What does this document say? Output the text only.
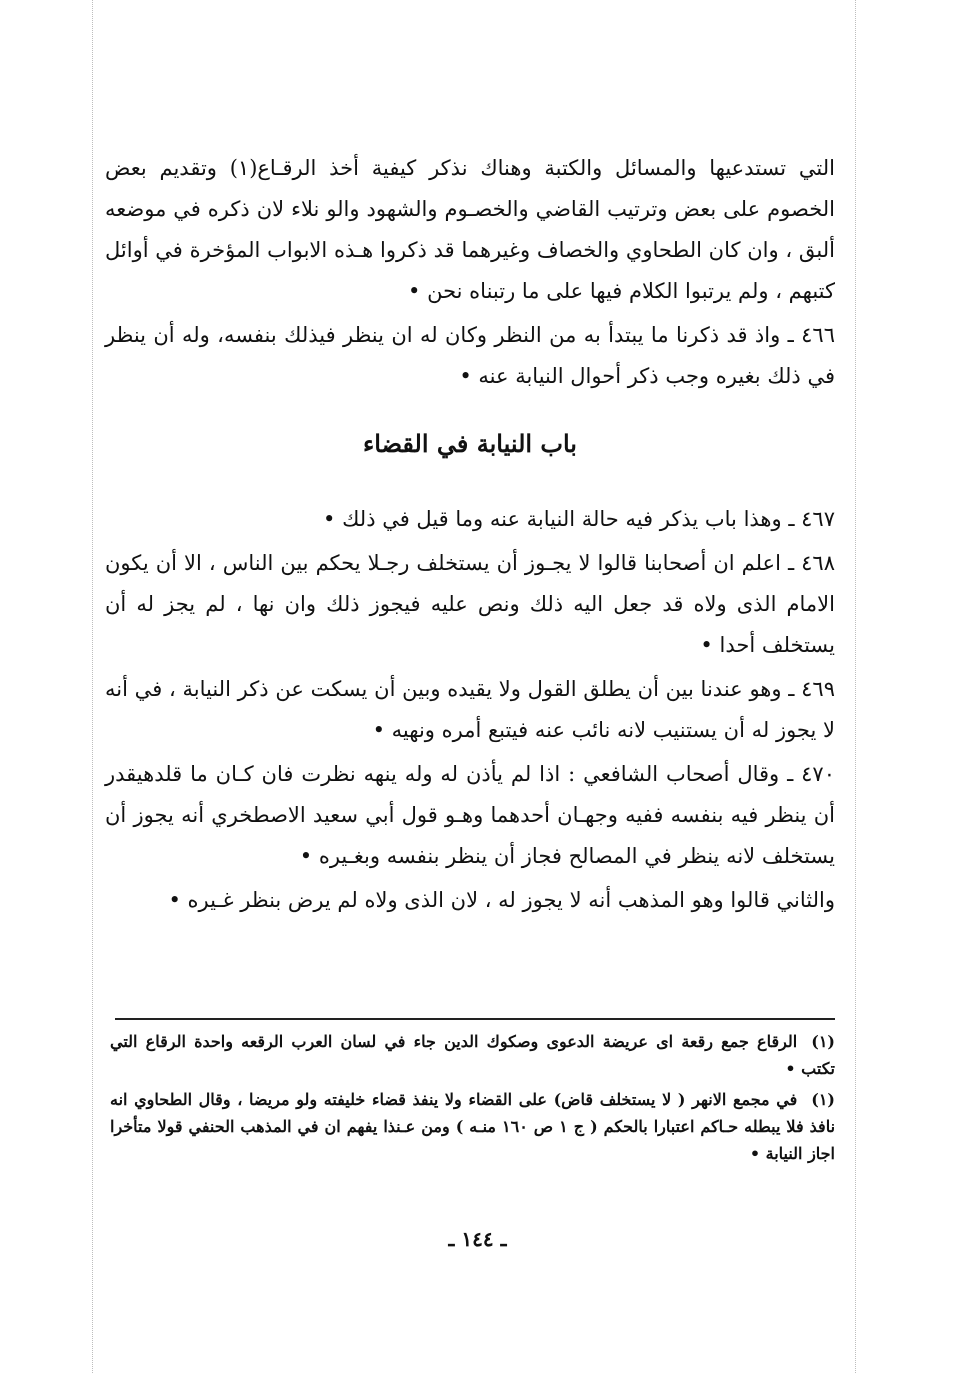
التي تستدعيها والمسائل والكتبة وهناك نذكر كيفية أخذ الرقـاع(١) وتقديم بعض الخصوم على بعض وترتيب القاضي والخصـوم والشهود والو نلاء لان ذكره في موضعه ألبق ، وان كان الطحاوي والخصاف وغيرهما قد ذكروا هـذه الابواب المؤخرة في أوائل كتبهم ، ولم يرتبوا الكلام فيها على ما رتبناه نحن •

٤٦٦ ـ واذ قد ذكرنا ما يبتدأ به من النظر وكان له ان ينظر فيذلك بنفسه، وله أن ينظر في ذلك بغيره وجب ذكر أحوال النيابة عنه •

باب النيابة في القضاء

٤٦٧ ـ وهذا باب يذكر فيه حالة النيابة عنه وما قيل في ذلك •

٤٦٨ ـ اعلم ان أصحابنا قالوا لا يجـوز أن يستخلف رجـلا يحكم بين الناس ، الا أن يكون الامام الذى ولاه قد جعل اليه ذلك ونص عليه فيجوز ذلك وان نها ، لم يجز له أن يستخلف أحدا •

٤٦٩ ـ وهو عندنا بين أن يطلق القول ولا يقيده وبين أن يسكت عن ذكر النيابة ، في أنه لا يجوز له أن يستنيب لانه نائب عنه فيتبع أمره ونهيه •

٤٧٠ ـ وقال أصحاب الشافعي : اذا لم يأذن له وله ينهه نظرت فان كـان ما قلدهيقدر أن ينظر فيه بنفسه ففيه وجهـان أحدهما وهـو قول أبي سعيد الاصطخري أنه يجوز أن يستخلف لانه ينظر في المصالح فجاز أن ينظر بنفسه وبغـيره •

والثاني قالوا وهو المذهب أنه لا يجوز له ، لان الذى ولاه لم يرض بنظر غـيره •

(١)الرقاع جمع رقعة اى عريضة الدعوى وصكوك الدين جاء في لسان العرب الرقعه واحدة الرقاع التي تكتب •

(١)في مجمع الانهر ( لا يستخلف قاض) على القضاء ولا ينفذ قضاء خليفته ولو مريضا ، وقال الطحاوي انه نافذ فلا يبطله حـاكم اعتبارا بالحكم ( ج ١ ص ١٦٠ منـه ) ومن عـنذا يفهم ان في المذهب الحنفي قولا متأخرا اجاز النيابة •

ـ ١٤٤ ـ
